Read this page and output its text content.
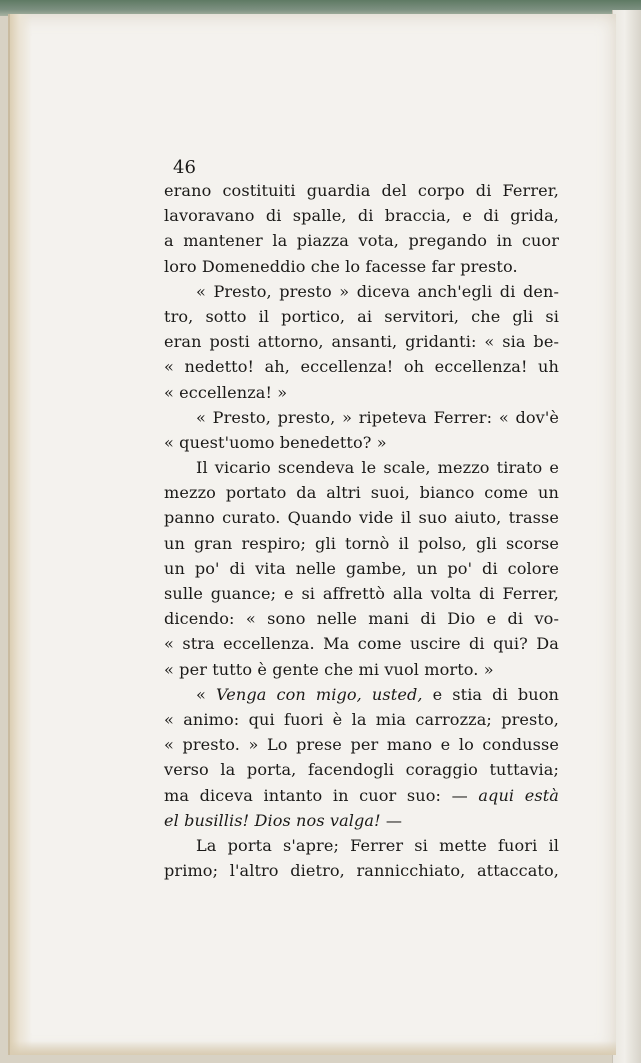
46
erano costituiti guardia del corpo di Ferrer,
lavoravano di spalle, di braccia, e di grida,
a mantener la piazza vota, pregando in cuor
loro Domeneddio che lo facesse far presto.
« Presto, presto » diceva anch'egli di den-
tro, sotto il portico, ai servitori, che gli si
eran posti attorno, ansanti, gridanti: « sia be-
« nedetto! ah, eccellenza! oh eccellenza! uh
« eccellenza! »
« Presto, presto, » ripeteva Ferrer: « dov'è
« quest'uomo benedetto? »
Il vicario scendeva le scale, mezzo tirato e
mezzo portato da altri suoi, bianco come un
panno curato. Quando vide il suo aiuto, trasse
un gran respiro; gli tornò il polso, gli scorse
un po' di vita nelle gambe, un po' di colore
sulle guance; e si affrettò alla volta di Ferrer,
dicendo: « sono nelle mani di Dio e di vo-
« stra eccellenza. Ma come uscire di qui? Da
« per tutto è gente che mi vuol morto. »
« Venga con migo, usted, e stia di buon
« animo: qui fuori è la mia carrozza; presto,
« presto. » Lo prese per mano e lo condusse
verso la porta, facendogli coraggio tuttavia;
ma diceva intanto in cuor suo: — aqui està
el busillis! Dios nos valga! —
La porta s'apre; Ferrer si mette fuori il
primo; l'altro dietro, rannicchiato, attaccato,
